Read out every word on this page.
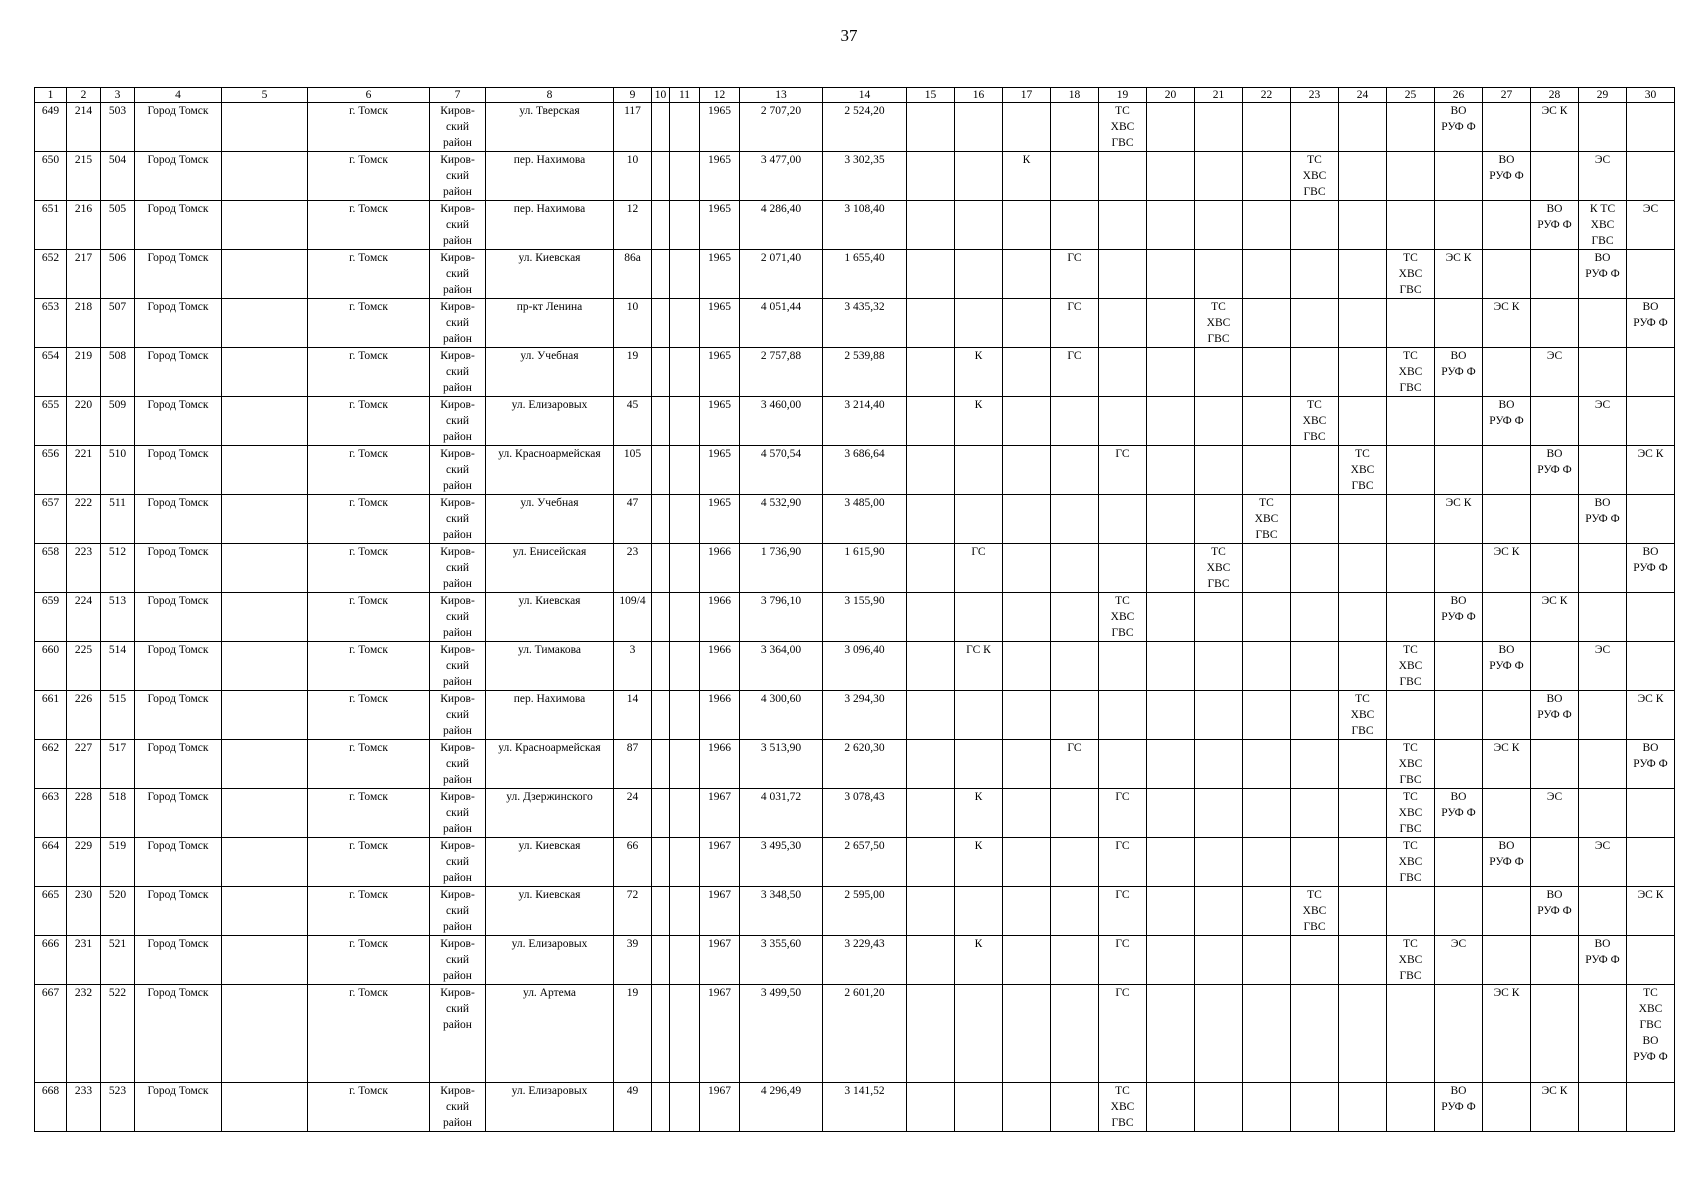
37
1	2	3	4	5	6	7	8	9	10	11	12	13	14	15	16	17	18	19	20	21	22	23	24	25	26	27	28	29	30
649	214	503	Город Томск		г. Томск	Киров-
ский
район	ул. Тверская	117			1965	2 707,20	2 524,20					ТС
ХВС
ГВС							ВО
РУФ Ф		ЭС К		
650	215	504	Город Томск		г. Томск	Киров-
ский
район	пер. Нахимова	10			1965	3 477,00	3 302,35			К						ТС
ХВС
ГВС				ВО
РУФ Ф		ЭС	
651	216	505	Город Томск		г. Томск	Киров-
ский
район	пер. Нахимова	12			1965	4 286,40	3 108,40														ВО
РУФ Ф	К ТС
ХВС
ГВС	ЭС
652	217	506	Город Томск		г. Томск	Киров-
ский
район	ул. Киевская	86а			1965	2 071,40	1 655,40				ГС							ТС
ХВС
ГВС	ЭС К			ВО
РУФ Ф	
653	218	507	Город Томск		г. Томск	Киров-
ский
район	пр-кт Ленина	10			1965	4 051,44	3 435,32				ГС			ТС
ХВС
ГВС						ЭС К			ВО
РУФ Ф
654	219	508	Город Томск		г. Томск	Киров-
ский
район	ул. Учебная	19			1965	2 757,88	2 539,88		К		ГС							ТС
ХВС
ГВС	ВО
РУФ Ф		ЭС		
655	220	509	Город Томск		г. Томск	Киров-
ский
район	ул. Елизаровых	45			1965	3 460,00	3 214,40		К							ТС
ХВС
ГВС				ВО
РУФ Ф		ЭС	
656	221	510	Город Томск		г. Томск	Киров-
ский
район	ул. Красноармейская	105			1965	4 570,54	3 686,64					ГС					ТС
ХВС
ГВС				ВО
РУФ Ф		ЭС К
657	222	511	Город Томск		г. Томск	Киров-
ский
район	ул. Учебная	47			1965	4 532,90	3 485,00								ТС
ХВС
ГВС				ЭС К			ВО
РУФ Ф	
658	223	512	Город Томск		г. Томск	Киров-
ский
район	ул. Енисейская	23			1966	1 736,90	1 615,90		ГС					ТС
ХВС
ГВС						ЭС К			ВО
РУФ Ф
659	224	513	Город Томск		г. Томск	Киров-
ский
район	ул. Киевская	109/4			1966	3 796,10	3 155,90					ТС
ХВС
ГВС							ВО
РУФ Ф		ЭС К		
660	225	514	Город Томск		г. Томск	Киров-
ский
район	ул. Тимакова	3			1966	3 364,00	3 096,40		ГС К									ТС
ХВС
ГВС		ВО
РУФ Ф		ЭС	
661	226	515	Город Томск		г. Томск	Киров-
ский
район	пер. Нахимова	14			1966	4 300,60	3 294,30										ТС
ХВС
ГВС				ВО
РУФ Ф		ЭС К
662	227	517	Город Томск		г. Томск	Киров-
ский
район	ул. Красноармейская	87			1966	3 513,90	2 620,30				ГС							ТС
ХВС
ГВС		ЭС К			ВО
РУФ Ф
663	228	518	Город Томск		г. Томск	Киров-
ский
район	ул. Дзержинского	24			1967	4 031,72	3 078,43		К			ГС						ТС
ХВС
ГВС	ВО
РУФ Ф		ЭС		
664	229	519	Город Томск		г. Томск	Киров-
ский
район	ул. Киевская	66			1967	3 495,30	2 657,50		К			ГС						ТС
ХВС
ГВС		ВО
РУФ Ф		ЭС	
665	230	520	Город Томск		г. Томск	Киров-
ский
район	ул. Киевская	72			1967	3 348,50	2 595,00					ГС				ТС
ХВС
ГВС					ВО
РУФ Ф		ЭС К
666	231	521	Город Томск		г. Томск	Киров-
ский
район	ул. Елизаровых	39			1967	3 355,60	3 229,43		К			ГС						ТС
ХВС
ГВС	ЭС			ВО
РУФ Ф	
667	232	522	Город Томск		г. Томск	Киров-
ский
район	ул. Артема	19			1967	3 499,50	2 601,20					ГС								ЭС К			ТС
ХВС
ГВС
ВО
РУФ Ф
668	233	523	Город Томск		г. Томск	Киров-
ский
район	ул. Елизаровых	49			1967	4 296,49	3 141,52					ТС
ХВС
ГВС							ВО
РУФ Ф		ЭС К		
